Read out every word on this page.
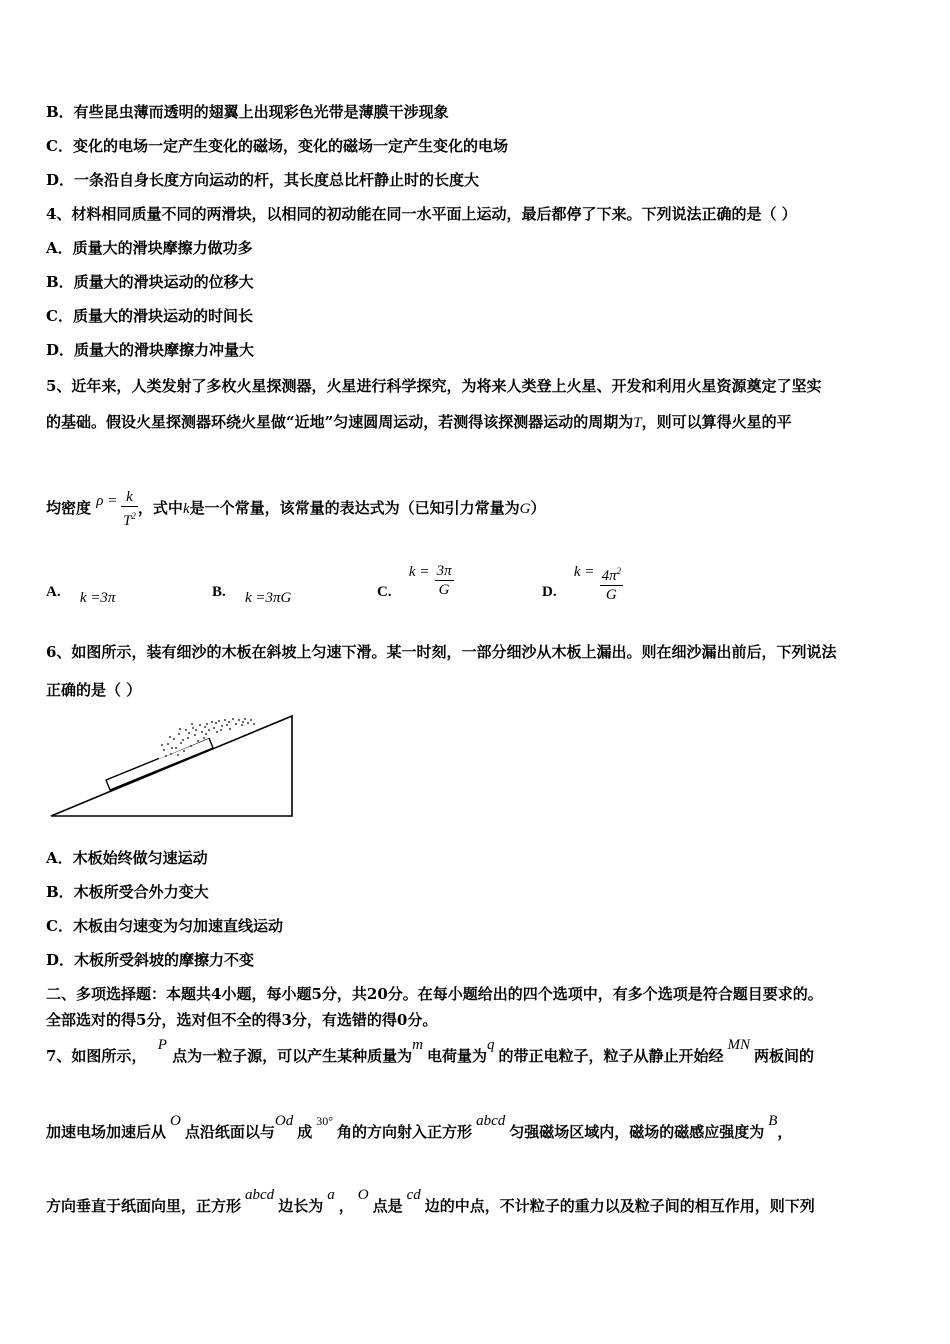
B．有些昆虫薄而透明的翅翼上出现彩色光带是薄膜干涉现象
C．变化的电场一定产生变化的磁场，变化的磁场一定产生变化的电场
D．一条沿自身长度方向运动的杆，其长度总比杆静止时的长度大
4、材料相同质量不同的两滑块，以相同的初动能在同一水平面上运动，最后都停了下来。下列说法正确的是（ ）
A．质量大的滑块摩擦力做功多
B．质量大的滑块运动的位移大
C．质量大的滑块运动的时间长
D．质量大的滑块摩擦力冲量大
5、近年来，人类发射了多枚火星探测器，火星进行科学探究，为将来人类登上火星、开发和利用火星资源奠定了坚实
的基础。假设火星探测器环绕火星做“近地”匀速圆周运动，若测得该探测器运动的周期为T，则可以算得火星的平
均密度 $\rho = \frac{k}{T^2}$ ，式中k是一个常量，该常量的表达式为（已知引力常量为G）
A. k =3π	B. k =3πG	C. $k = \frac{3\pi}{G}$	D. $k = \frac{4\pi^2}{G}$
6、如图所示，装有细沙的木板在斜坡上匀速下滑。某一时刻，一部分细沙从木板上漏出。则在细沙漏出前后，下列说法
正确的是（ ）
A．木板始终做匀速运动
B．木板所受合外力变大
C．木板由匀速变为匀加速直线运动
D．木板所受斜坡的摩擦力不变
二、多项选择题：本题共4小题，每小题5分，共20分。在每小题给出的四个选项中，有多个选项是符合题目要求的。
全部选对的得5分，选对但不全的得3分，有选错的得0分。
7、如图所示， P 点为一粒子源，可以产生某种质量为m电荷量为q的带正电粒子，粒子从静止开始经MN两板间的
加速电场加速后从O点沿纸面以与Od成$^{30^\circ}$角的方向射入正方形abcd匀强磁场区域内，磁场的磁感应强度为B，
方向垂直于纸面向里，正方形abcd边长为a，O点是cd边的中点，不计粒子的重力以及粒子间的相互作用，则下列
